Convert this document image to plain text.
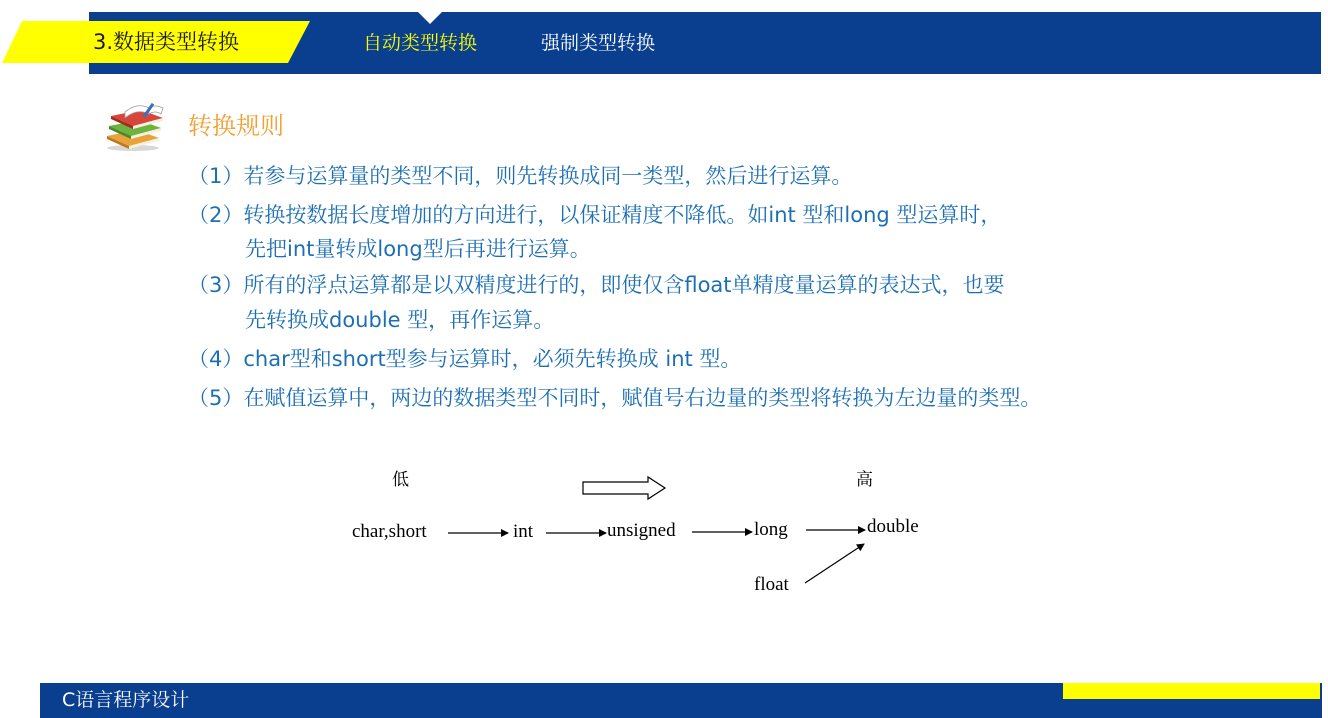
3.数据类型转换	自动类型转换	强制类型转换
转换规则
（1）若参与运算量的类型不同，则先转换成同一类型，然后进行运算。
（2）转换按数据长度增加的方向进行，以保证精度不降低。如int 型和long 型运算时，
先把int量转成long型后再进行运算。
（3）所有的浮点运算都是以双精度进行的，即使仅含float单精度量运算的表达式，也要
先转换成double 型，再作运算。
（4）char型和short型参与运算时，必须先转换成 int 型。
（5）在赋值运算中，两边的数据类型不同时，赋值号右边量的类型将转换为左边量的类型。
低	高
char,short	int	unsigned	long	double
float
C语言程序设计
